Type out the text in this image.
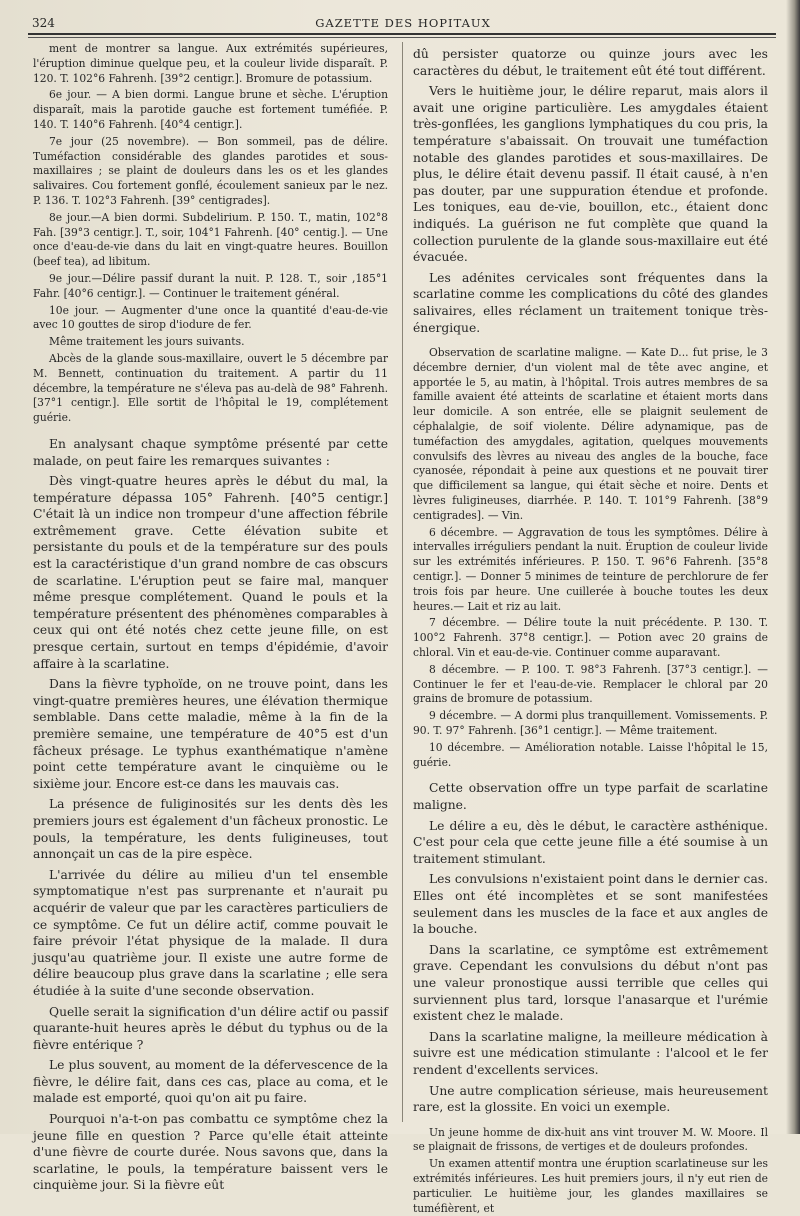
324	GAZETTE DES HOPITAUX

ment de montrer sa langue. Aux extrémités supérieures, l'éruption diminue quelque peu, et la couleur livide disparaît. P. 120. T. 102°6 Fahrenh. [39°2 centigr.]. Bromure de potassium.

6e jour. — A bien dormi. Langue brune et sèche. L'éruption disparaît, mais la parotide gauche est fortement tuméfiée. P. 140. T. 140°6 Fahrenh. [40°4 centigr.].

7e jour (25 novembre). — Bon sommeil, pas de délire. Tuméfaction considérable des glandes parotides et sous-maxillaires ; se plaint de douleurs dans les os et les glandes salivaires. Cou fortement gonflé, écoulement sanieux par le nez. P. 136. T. 102°3 Fahrenh. [39° centigrades].

8e jour.—A bien dormi. Subdelirium. P. 150. T., matin, 102°8 Fah. [39°3 centigr.]. T., soir, 104°1 Fahrenh. [40° centig.]. — Une once d'eau-de-vie dans du lait en vingt-quatre heures. Bouillon (beef tea), ad libitum.

9e jour.—Délire passif durant la nuit. P. 128. T., soir ,185°1 Fahr. [40°6 centigr.]. — Continuer le traitement général.

10e jour. — Augmenter d'une once la quantité d'eau-de-vie avec 10 gouttes de sirop d'iodure de fer.

Même traitement les jours suivants.

Abcès de la glande sous-maxillaire, ouvert le 5 décembre par M. Bennett, continuation du traitement. A partir du 11 décembre, la température ne s'éleva pas au-delà de 98° Fahrenh. [37°1 centigr.]. Elle sortit de l'hôpital le 19, complétement guérie.

En analysant chaque symptôme présenté par cette malade, on peut faire les remarques suivantes :

Dès vingt-quatre heures après le début du mal, la température dépassa 105° Fahrenh. [40°5 centigr.] C'était là un indice non trompeur d'une affection fébrile extrêmement grave. Cette élévation subite et persistante du pouls et de la température sur des pouls est la caractéristique d'un grand nombre de cas obscurs de scarlatine. L'éruption peut se faire mal, manquer même presque complétement. Quand le pouls et la température présentent des phénomènes comparables à ceux qui ont été notés chez cette jeune fille, on est presque certain, surtout en temps d'épidémie, d'avoir affaire à la scarlatine.

Dans la fièvre typhoïde, on ne trouve point, dans les vingt-quatre premières heures, une élévation thermique semblable. Dans cette maladie, même à la fin de la première semaine, une température de 40°5 est d'un fâcheux présage. Le typhus exanthématique n'amène point cette température avant le cinquième ou le sixième jour. Encore est-ce dans les mauvais cas.

La présence de fuliginosités sur les dents dès les premiers jours est également d'un fâcheux pronostic. Le pouls, la température, les dents fuligineuses, tout annonçait un cas de la pire espèce.

L'arrivée du délire au milieu d'un tel ensemble symptomatique n'est pas surprenante et n'aurait pu acquérir de valeur que par les caractères particuliers de ce symptôme. Ce fut un délire actif, comme pouvait le faire prévoir l'état physique de la malade. Il dura jusqu'au quatrième jour. Il existe une autre forme de délire beaucoup plus grave dans la scarlatine ; elle sera étudiée à la suite d'une seconde observation.

Quelle serait la signification d'un délire actif ou passif quarante-huit heures après le début du typhus ou de la fièvre entérique ?

Le plus souvent, au moment de la défervescence de la fièvre, le délire fait, dans ces cas, place au coma, et le malade est emporté, quoi qu'on ait pu faire.

Pourquoi n'a-t-on pas combattu ce symptôme chez la jeune fille en question ? Parce qu'elle était atteinte d'une fièvre de courte durée. Nous savons que, dans la scarlatine, le pouls, la température baissent vers le cinquième jour. Si la fièvre eût

dû persister quatorze ou quinze jours avec les caractères du début, le traitement eût été tout différent.

Vers le huitième jour, le délire reparut, mais alors il avait une origine particulière. Les amygdales étaient très-gonflées, les ganglions lymphatiques du cou pris, la température s'abaissait. On trouvait une tuméfaction notable des glandes parotides et sous-maxillaires. De plus, le délire était devenu passif. Il était causé, à n'en pas douter, par une suppuration étendue et profonde. Les toniques, eau de-vie, bouillon, etc., étaient donc indiqués. La guérison ne fut complète que quand la collection purulente de la glande sous-maxillaire eut été évacuée.

Les adénites cervicales sont fréquentes dans la scarlatine comme les complications du côté des glandes salivaires, elles réclament un traitement tonique très-énergique.

Observation de scarlatine maligne. — Kate D... fut prise, le 3 décembre dernier, d'un violent mal de tête avec angine, et apportée le 5, au matin, à l'hôpital. Trois autres membres de sa famille avaient été atteints de scarlatine et étaient morts dans leur domicile. A son entrée, elle se plaignit seulement de céphalalgie, de soif violente. Délire adynamique, pas de tuméfaction des amygdales, agitation, quelques mouvements convulsifs des lèvres au niveau des angles de la bouche, face cyanosée, répondait à peine aux questions et ne pouvait tirer que difficilement sa langue, qui était sèche et noire. Dents et lèvres fuligineuses, diarrhée. P. 140. T. 101°9 Fahrenh. [38°9 centigrades]. — Vin.

6 décembre. — Aggravation de tous les symptômes. Délire à intervalles irréguliers pendant la nuit. Éruption de couleur livide sur les extrémités inférieures. P. 150. T. 96°6 Fahrenh. [35°8 centigr.]. — Donner 5 minimes de teinture de perchlorure de fer trois fois par heure. Une cuillerée à bouche toutes les deux heures.— Lait et riz au lait.

7 décembre. — Délire toute la nuit précédente. P. 130. T. 100°2 Fahrenh. 37°8 centigr.]. — Potion avec 20 grains de chloral. Vin et eau-de-vie. Continuer comme auparavant.

8 décembre. — P. 100. T. 98°3 Fahrenh. [37°3 centigr.]. — Continuer le fer et l'eau-de-vie. Remplacer le chloral par 20 grains de bromure de potassium.

9 décembre. — A dormi plus tranquillement. Vomissements. P. 90. T. 97° Fahrenh. [36°1 centigr.]. — Même traitement.

10 décembre. — Amélioration notable. Laisse l'hôpital le 15, guérie.

Cette observation offre un type parfait de scarlatine maligne.

Le délire a eu, dès le début, le caractère asthénique. C'est pour cela que cette jeune fille a été soumise à un traitement stimulant.

Les convulsions n'existaient point dans le dernier cas. Elles ont été incomplètes et se sont manifestées seulement dans les muscles de la face et aux angles de la bouche.

Dans la scarlatine, ce symptôme est extrêmement grave. Cependant les convulsions du début n'ont pas une valeur pronostique aussi terrible que celles qui surviennent plus tard, lorsque l'anasarque et l'urémie existent chez le malade.

Dans la scarlatine maligne, la meilleure médication à suivre est une médication stimulante : l'alcool et le fer rendent d'excellents services.

Une autre complication sérieuse, mais heureusement rare, est la glossite. En voici un exemple.

Un jeune homme de dix-huit ans vint trouver M. W. Moore. Il se plaignait de frissons, de vertiges et de douleurs profondes.

Un examen attentif montra une éruption scarlatineuse sur les extrémités inférieures. Les huit premiers jours, il n'y eut rien de particulier. Le huitième jour, les glandes maxillaires se tuméfièrent, et
